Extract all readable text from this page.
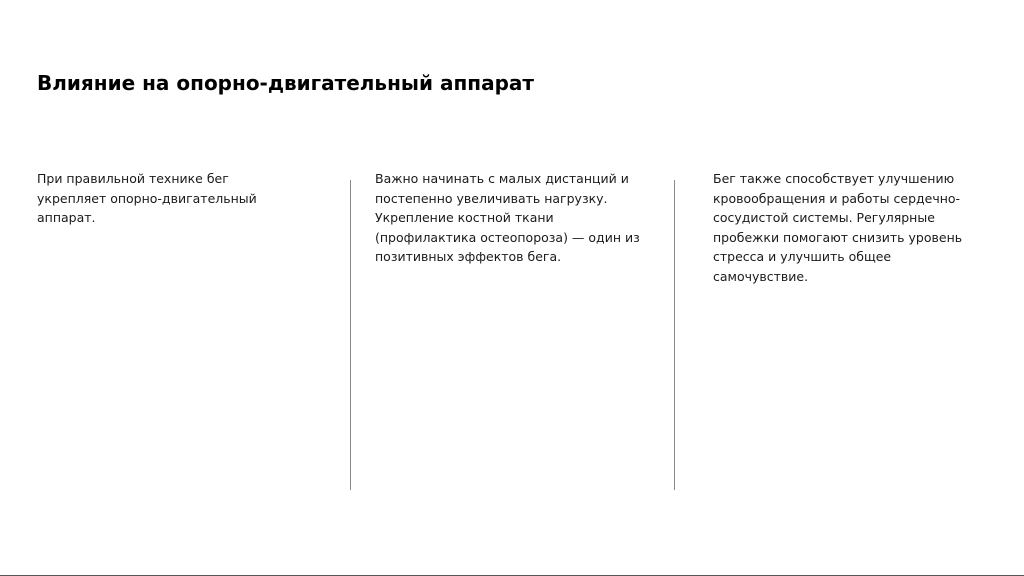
Влияние на опорно-двигательный аппарат
При правильной технике бег укрепляет опорно-двигательный аппарат.
Важно начинать с малых дистанций и постепенно увеличивать нагрузку. Укрепление костной ткани (профилактика остеопороза) — один из позитивных эффектов бега.
Бег также способствует улучшению кровообращения и работы сердечно-сосудистой системы. Регулярные пробежки помогают снизить уровень стресса и улучшить общее самочувствие.
